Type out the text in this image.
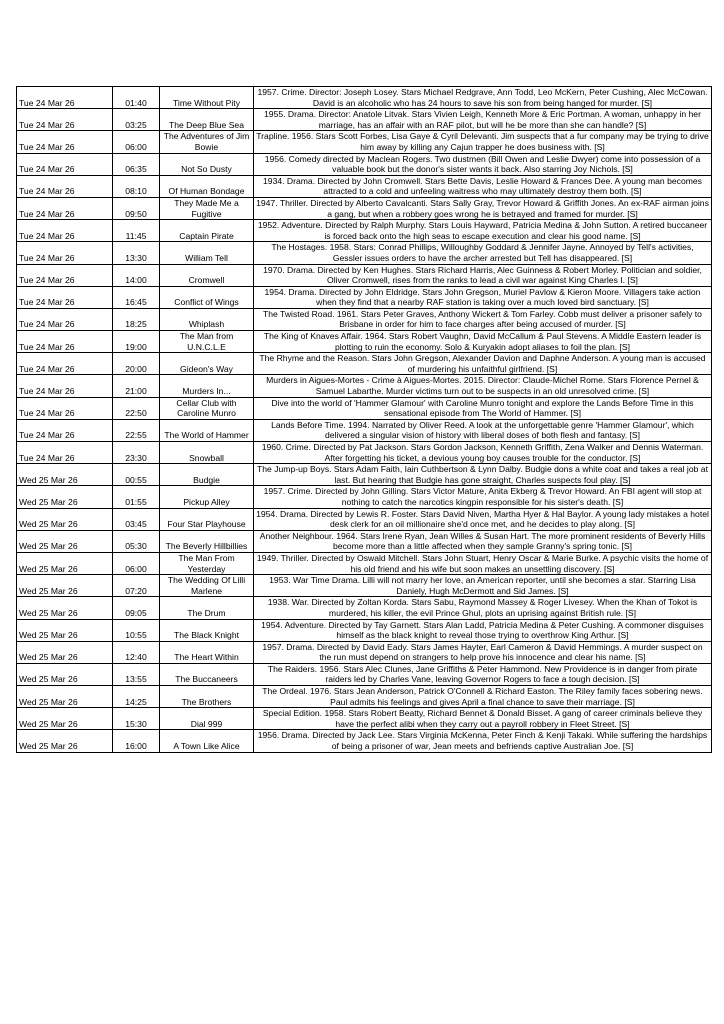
Tue 24 Mar 26	01:40	Time Without Pity	1957. Crime. Director: Joseph Losey. Stars Michael Redgrave, Ann Todd, Leo McKern, Peter Cushing, Alec McCowan. David is an alcoholic who has 24 hours to save his son from being hanged for murder. [S]
Tue 24 Mar 26	03:25	The Deep Blue Sea	1955. Drama. Director: Anatole Litvak. Stars Vivien Leigh, Kenneth More & Eric Portman. A woman, unhappy in her marriage, has an affair with an RAF pilot, but will he be more than she can handle? [S]
Tue 24 Mar 26	06:00	The Adventures of Jim Bowie	Trapline. 1956. Stars Scott Forbes, Lisa Gaye & Cyril Delevanti. Jim suspects that a fur company may be trying to drive him away by killing any Cajun trapper he does business with. [S]
Tue 24 Mar 26	06:35	Not So Dusty	1956. Comedy directed by Maclean Rogers. Two dustmen (Bill Owen and Leslie Dwyer) come into possession of a valuable book but the donor's sister wants it back. Also starring Joy Nichols. [S]
Tue 24 Mar 26	08:10	Of Human Bondage	1934. Drama. Directed by John Cromwell. Stars Bette Davis, Leslie Howard & Frances Dee. A young man becomes attracted to a cold and unfeeling waitress who may ultimately destroy them both. [S]
Tue 24 Mar 26	09:50	They Made Me a Fugitive	1947. Thriller. Directed by Alberto Cavalcanti. Stars Sally Gray, Trevor Howard & Griffith Jones. An ex-RAF airman joins a gang, but when a robbery goes wrong he is betrayed and framed for murder. [S]
Tue 24 Mar 26	11:45	Captain Pirate	1952. Adventure. Directed by Ralph Murphy. Stars Louis Hayward, Patricia Medina & John Sutton. A retired buccaneer is forced back onto the high seas to escape execution and clear his good name. [S]
Tue 24 Mar 26	13:30	William Tell	The Hostages. 1958. Stars: Conrad Phillips, Willoughby Goddard & Jennifer Jayne. Annoyed by Tell's activities, Gessler issues orders to have the archer arrested but Tell has disappeared. [S]
Tue 24 Mar 26	14:00	Cromwell	1970. Drama. Directed by Ken Hughes. Stars Richard Harris, Alec Guinness & Robert Morley. Politician and soldier, Oliver Cromwell, rises from the ranks to lead a civil war against King Charles I. [S]
Tue 24 Mar 26	16:45	Conflict of Wings	1954. Drama. Directed by John Eldridge. Stars John Gregson, Muriel Pavlow & Kieron Moore. Villagers take action when they find that a nearby RAF station is taking over a much loved bird sanctuary. [S]
Tue 24 Mar 26	18:25	Whiplash	The Twisted Road. 1961. Stars Peter Graves, Anthony Wickert & Tom Farley. Cobb must deliver a prisoner safely to Brisbane in order for him to face charges after being accused of murder. [S]
Tue 24 Mar 26	19:00	The Man from U.N.C.L.E	The King of Knaves Affair. 1964. Stars Robert Vaughn, David McCallum & Paul Stevens. A Middle Eastern leader is plotting to ruin the economy. Solo & Kuryakin adopt aliases to foil the plan. [S]
Tue 24 Mar 26	20:00	Gideon's Way	The Rhyme and the Reason. Stars John Gregson, Alexander Davion and Daphne Anderson. A young man is accused of murdering his unfaithful girlfriend. [S]
Tue 24 Mar 26	21:00	Murders In...	Murders in Aigues-Mortes - Crime à Aigues-Mortes. 2015. Director: Claude-Michel Rome. Stars Florence Pernel & Samuel Labarthe. Murder victims turn out to be suspects in an old unresolved crime. [S]
Tue 24 Mar 26	22:50	Cellar Club with Caroline Munro	Dive into the world of 'Hammer Glamour' with Caroline Munro tonight and explore the Lands Before Time in this sensational episode from The World of Hammer. [S]
Tue 24 Mar 26	22:55	The World of Hammer	Lands Before Time. 1994. Narrated by Oliver Reed. A look at the unforgettable genre 'Hammer Glamour', which delivered a singular vision of history with liberal doses of both flesh and fantasy. [S]
Tue 24 Mar 26	23:30	Snowball	1960. Crime. Directed by Pat Jackson. Stars Gordon Jackson, Kenneth Griffith, Zena Walker and Dennis Waterman. After forgetting his ticket, a devious young boy causes trouble for the conductor. [S]
Wed 25 Mar 26	00:55	Budgie	The Jump-up Boys. Stars Adam Faith, Iain Cuthbertson & Lynn Dalby. Budgie dons a white coat and takes a real job at last. But hearing that Budgie has gone straight, Charles suspects foul play. [S]
Wed 25 Mar 26	01:55	Pickup Alley	1957. Crime. Directed by John Gilling. Stars Victor Mature, Anita Ekberg & Trevor Howard. An FBI agent will stop at nothing to catch the narcotics kingpin responsible for his sister's death. [S]
Wed 25 Mar 26	03:45	Four Star Playhouse	1954. Drama. Directed by Lewis R. Foster. Stars David Niven, Martha Hyer & Hal Baylor. A young lady mistakes a hotel desk clerk for an oil millionaire she'd once met, and he decides to play along. [S]
Wed 25 Mar 26	05:30	The Beverly Hillbillies	Another Neighbour. 1964. Stars Irene Ryan, Jean Willes & Susan Hart. The more prominent residents of Beverly Hills become more than a little affected when they sample Granny's spring tonic. [S]
Wed 25 Mar 26	06:00	The Man From Yesterday	1949. Thriller. Directed by Oswald Mitchell. Stars John Stuart, Henry Oscar & Marie Burke. A psychic visits the home of his old friend and his wife but soon makes an unsettling discovery. [S]
Wed 25 Mar 26	07:20	The Wedding Of Lilli Marlene	1953. War Time Drama. Lilli will not marry her love, an American reporter, until she becomes a star. Starring Lisa Daniely, Hugh McDermott and Sid James. [S]
Wed 25 Mar 26	09:05	The Drum	1938. War. Directed by Zoltan Korda. Stars Sabu, Raymond Massey & Roger Livesey. When the Khan of Tokot is murdered, his killer, the evil Prince Ghul, plots an uprising against British rule. [S]
Wed 25 Mar 26	10:55	The Black Knight	1954. Adventure. Directed by Tay Garnett. Stars Alan Ladd, Patricia Medina & Peter Cushing. A commoner disguises himself as the black knight to reveal those trying to overthrow King Arthur. [S]
Wed 25 Mar 26	12:40	The Heart Within	1957. Drama. Directed by David Eady. Stars James Hayter, Earl Cameron & David Hemmings. A murder suspect on the run must depend on strangers to help prove his innocence and clear his name. [S]
Wed 25 Mar 26	13:55	The Buccaneers	The Raiders. 1956. Stars Alec Clunes, Jane Griffiths & Peter Hammond. New Providence is in danger from pirate raiders led by Charles Vane, leaving Governor Rogers to face a tough decision. [S]
Wed 25 Mar 26	14:25	The Brothers	The Ordeal. 1976. Stars Jean Anderson, Patrick O'Connell & Richard Easton. The Riley family faces sobering news. Paul admits his feelings and gives April a final chance to save their marriage. [S]
Wed 25 Mar 26	15:30	Dial 999	Special Edition. 1958. Stars Robert Beatty, Richard Bennet & Donald Bisset. A gang of career criminals believe they have the perfect alibi when they carry out a payroll robbery in Fleet Street. [S]
Wed 25 Mar 26	16:00	A Town Like Alice	1956. Drama. Directed by Jack Lee. Stars Virginia McKenna, Peter Finch & Kenji Takaki. While suffering the hardships of being a prisoner of war, Jean meets and befriends captive Australian Joe. [S]
